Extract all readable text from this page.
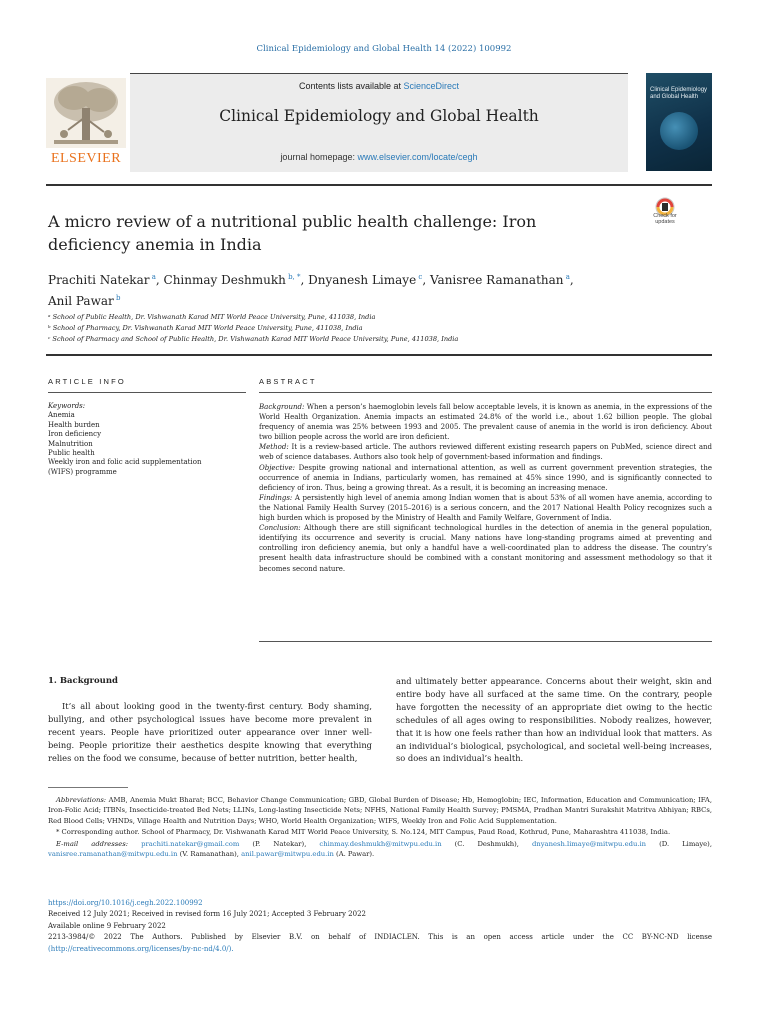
Clinical Epidemiology and Global Health 14 (2022) 100992
ELSEVIER
Contents lists available at ScienceDirect
Clinical Epidemiology and Global Health
journal homepage: www.elsevier.com/locate/cegh
Clinical Epidemiology and Global Health
A micro review of a nutritional public health challenge: Iron deficiency anemia in India
Check for updates
Prachiti Natekar $^a$, Chinmay Deshmukh $^{b, *}$, Dnyanesh Limaye $^c$, Vanisree Ramanathan $^a$,
Anil Pawar $^b$
ᵃ School of Public Health, Dr. Vishwanath Karad MIT World Peace University, Pune, 411038, India
ᵇ School of Pharmacy, Dr. Vishwanath Karad MIT World Peace University, Pune, 411038, India
ᶜ School of Pharmacy and School of Public Health, Dr. Vishwanath Karad MIT World Peace University, Pune, 411038, India
ARTICLE INFO	ABSTRACT
Keywords:
Anemia
Health burden
Iron deficiency
Malnutrition
Public health
Weekly iron and folic acid supplementation
(WIFS) programme

Background: When a person’s haemoglobin levels fall below acceptable levels, it is known as anemia, in the expressions of the World Health Organization. Anemia impacts an estimated 24.8% of the world i.e., about 1.62 billion people. The global frequency of anemia was 25% between 1993 and 2005. The prevalent cause of anemia in the world is iron deficiency. About two billion people across the world are iron deficient.

Method: It is a review-based article. The authors reviewed different existing research papers on PubMed, science direct and web of science databases. Authors also took help of government-based information and findings.

Objective: Despite growing national and international attention, as well as current government prevention strategies, the occurrence of anemia in Indians, particularly women, has remained at 45% since 1990, and is significantly connected to deficiency of iron. Thus, being a growing threat. As a result, it is becoming an increasing menace.

Findings: A persistently high level of anemia among Indian women that is about 53% of all women have anemia, according to the National Family Health Survey (2015–2016) is a serious concern, and the 2017 National Health Policy recognizes such a high burden which is proposed by the Ministry of Health and Family Welfare, Government of India.

Conclusion: Although there are still significant technological hurdles in the detection of anemia in the general population, identifying its occurrence and severity is crucial. Many nations have long-standing programs aimed at preventing and controlling iron deficiency anemia, but only a handful have a well-coordinated plan to address the disease. The country’s present health data infrastructure should be combined with a constant monitoring and assessment methodology so that it becomes second nature.

1. Background

It’s all about looking good in the twenty-first century. Body shaming, bullying, and other psychological issues have become more prevalent in recent years. People have prioritized outer appearance over inner well-being. People prioritize their aesthetics despite knowing that everything relies on the food we consume, because of better nutrition, better health,

and ultimately better appearance. Concerns about their weight, skin and entire body have all surfaced at the same time. On the contrary, people have forgotten the necessity of an appropriate diet owing to the hectic schedules of all ages owing to responsibilities. Nobody realizes, however, that it is how one feels rather than how an individual look that matters. As an individual’s biological, psychological, and societal well-being increases, so does an individual’s health.

Abbreviations: AMB, Anemia Mukt Bharat; BCC, Behavior Change Communication; GBD, Global Burden of Disease; Hb, Hemoglobin; IEC, Information, Education and Communication; IFA, Iron-Folic Acid; ITBNs, Insecticide-treated Bed Nets; LLINs, Long-lasting Insecticide Nets; NFHS, National Family Health Survey; PMSMA, Pradhan Mantri Surakshit Matritva Abhiyan; RBCs, Red Blood Cells; VHNDs, Village Health and Nutrition Days; WHO, World Health Organization; WIFS, Weekly Iron and Folic Acid Supplementation.

* Corresponding author. School of Pharmacy, Dr. Vishwanath Karad MIT World Peace University, S. No.124, MIT Campus, Paud Road, Kothrud, Pune, Maharashtra 411038, India.

E-mail addresses: prachiti.natekar@gmail.com (P. Natekar), chinmay.deshmukh@mitwpu.edu.in (C. Deshmukh), dnyanesh.limaye@mitwpu.edu.in (D. Limaye), vanisree.ramanathan@mitwpu.edu.in (V. Ramanathan), anil.pawar@mitwpu.edu.in (A. Pawar).

https://doi.org/10.1016/j.cegh.2022.100992

Received 12 July 2021; Received in revised form 16 July 2021; Accepted 3 February 2022

Available online 9 February 2022

2213-3984/© 2022 The Authors. Published by Elsevier B.V. on behalf of INDIACLEN. This is an open access article under the CC BY-NC-ND license (http://creativecommons.org/licenses/by-nc-nd/4.0/).
